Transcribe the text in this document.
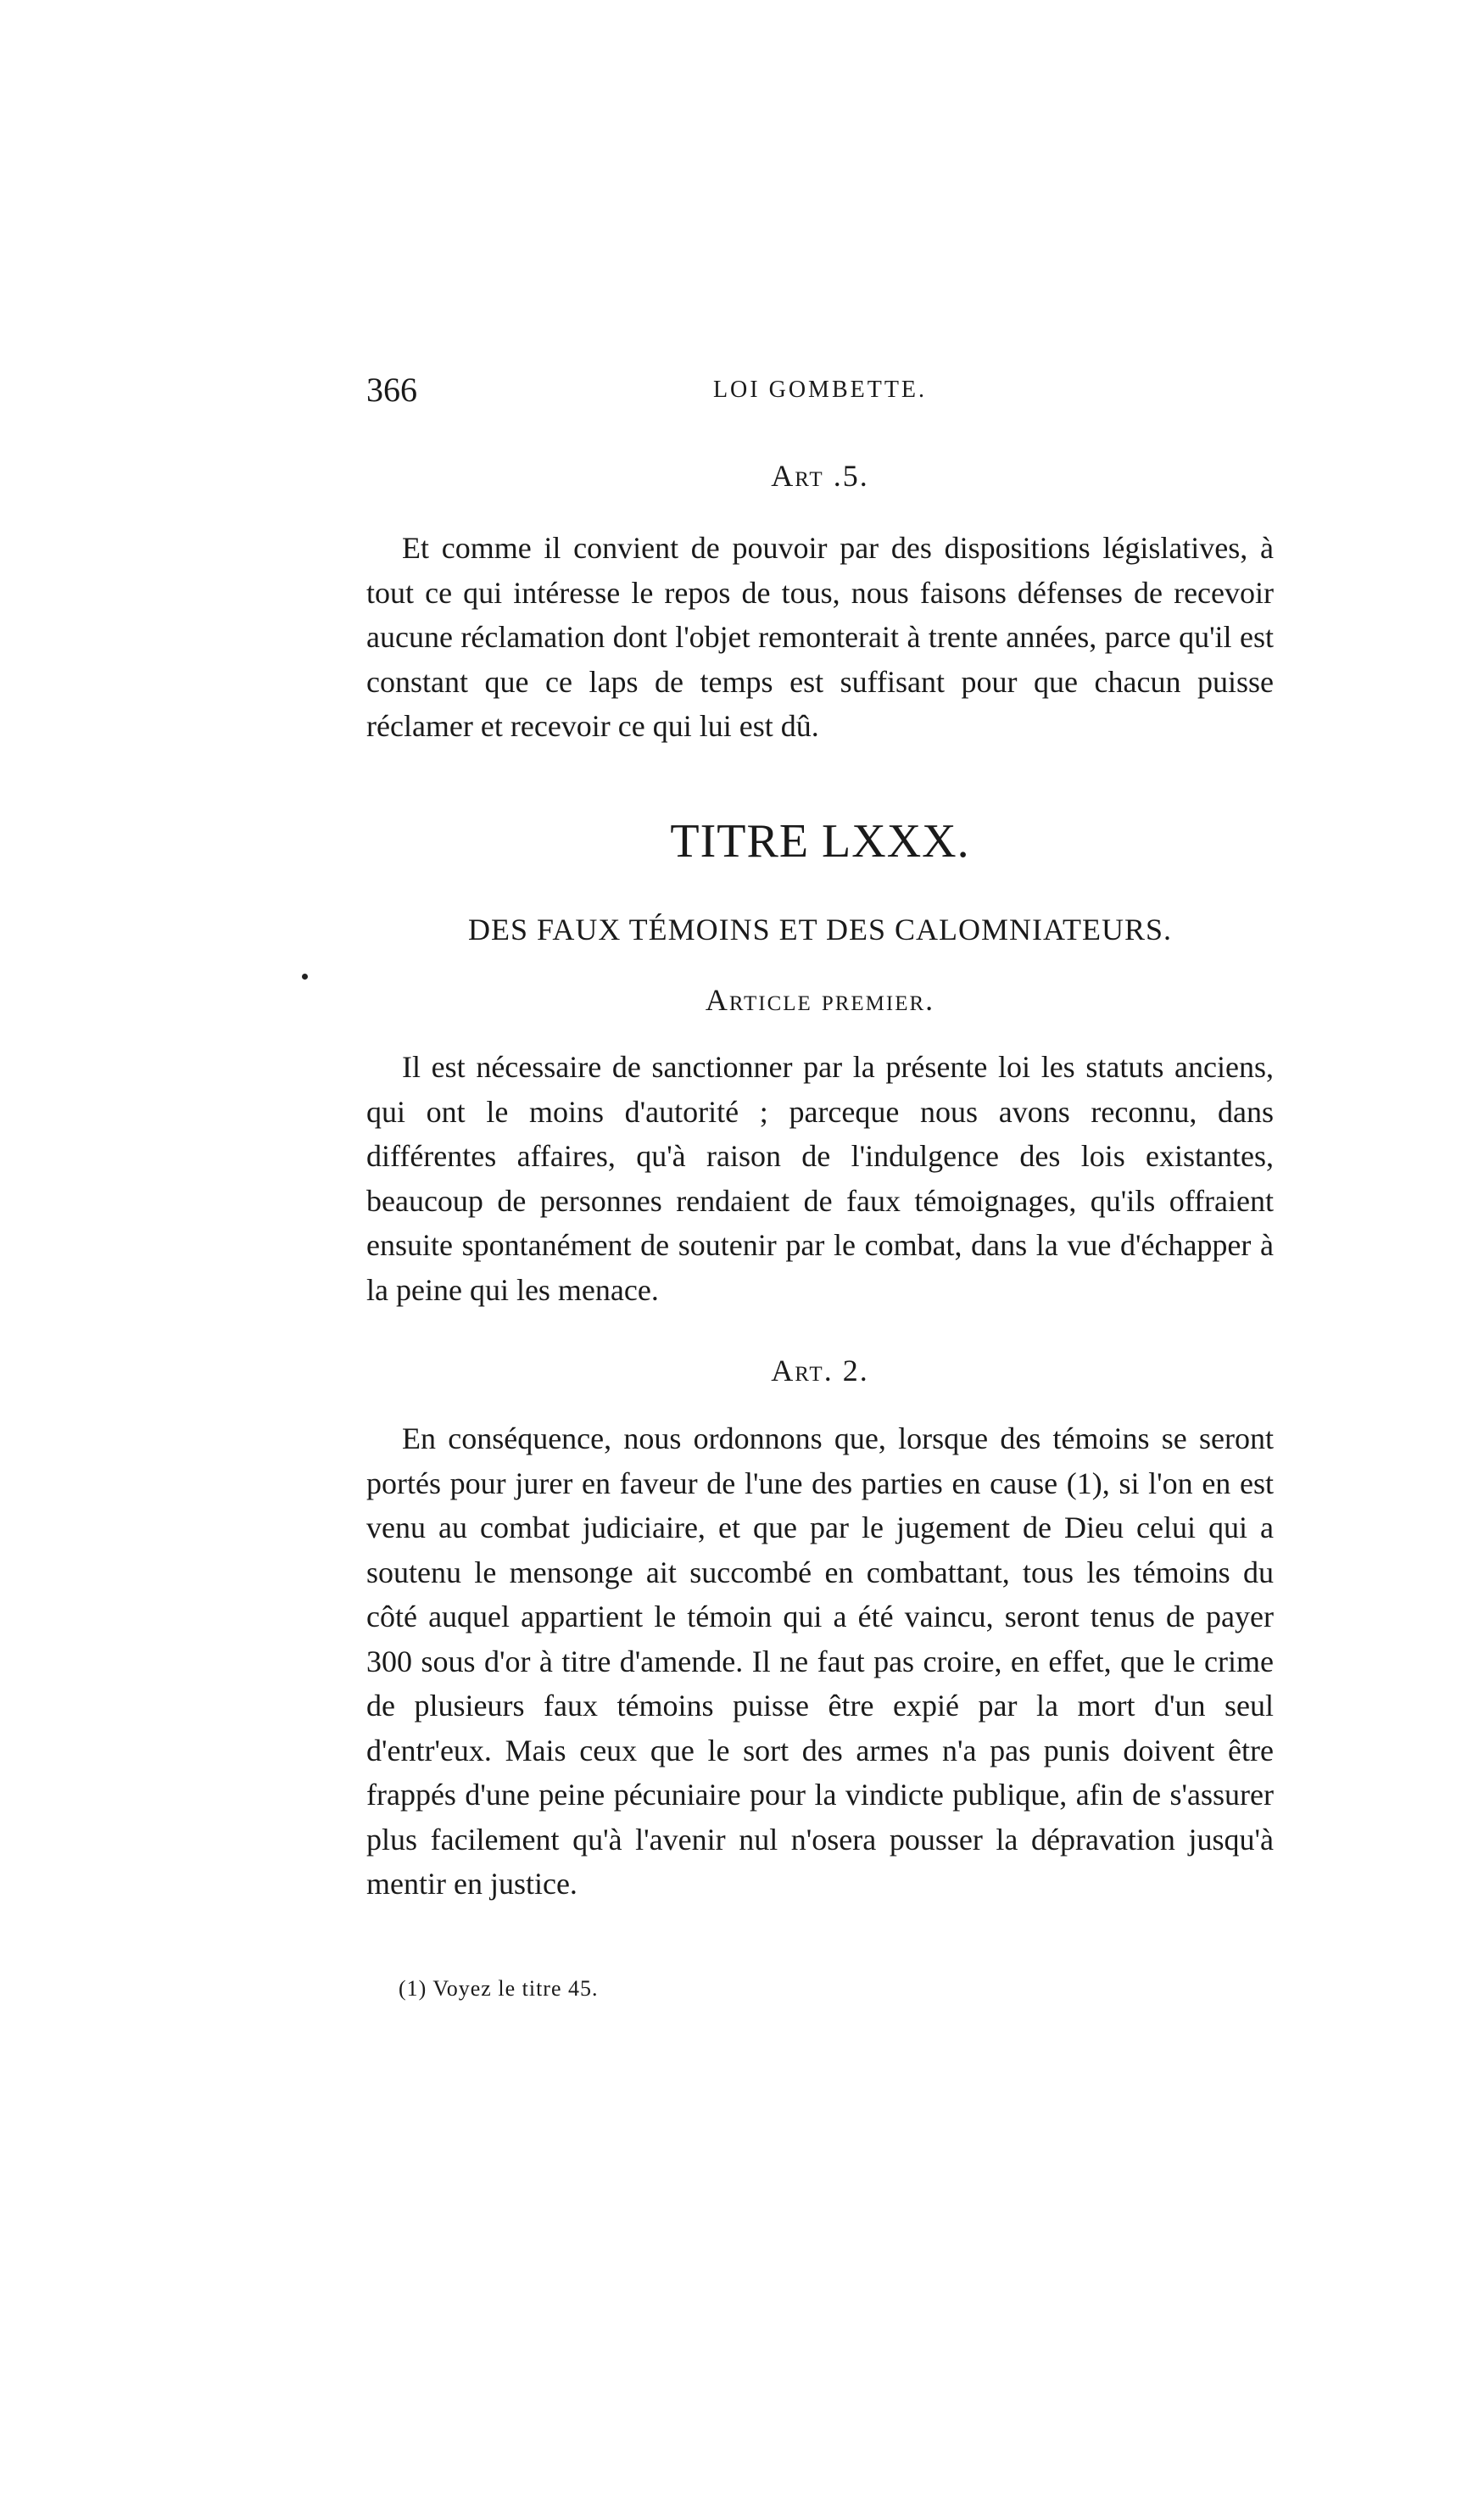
366	LOI GOMBETTE.
Art .5.

Et comme il convient de pouvoir par des dispositions législatives, à tout ce qui intéresse le repos de tous, nous faisons défenses de recevoir aucune réclamation dont l'objet remonterait à trente années, parce qu'il est constant que ce laps de temps est suffisant pour que chacun puisse réclamer et recevoir ce qui lui est dû.

TITRE LXXX.
DES FAUX TÉMOINS ET DES CALOMNIATEURS.
Article premier.

Il est nécessaire de sanctionner par la présente loi les statuts anciens, qui ont le moins d'autorité ; parceque nous avons reconnu, dans différentes affaires, qu'à raison de l'indulgence des lois existantes, beaucoup de personnes rendaient de faux témoignages, qu'ils offraient ensuite spontanément de soutenir par le combat, dans la vue d'échapper à la peine qui les menace.

Art. 2.

En conséquence, nous ordonnons que, lorsque des témoins se seront portés pour jurer en faveur de l'une des parties en cause (1), si l'on en est venu au combat judiciaire, et que par le jugement de Dieu celui qui a soutenu le mensonge ait succombé en combattant, tous les témoins du côté auquel appartient le témoin qui a été vaincu, seront tenus de payer 300 sous d'or à titre d'amende. Il ne faut pas croire, en effet, que le crime de plusieurs faux témoins puisse être expié par la mort d'un seul d'entr'eux. Mais ceux que le sort des armes n'a pas punis doivent être frappés d'une peine pécuniaire pour la vindicte publique, afin de s'assurer plus facilement qu'à l'avenir nul n'osera pousser la dépravation jusqu'à mentir en justice.

(1) Voyez le titre 45.
